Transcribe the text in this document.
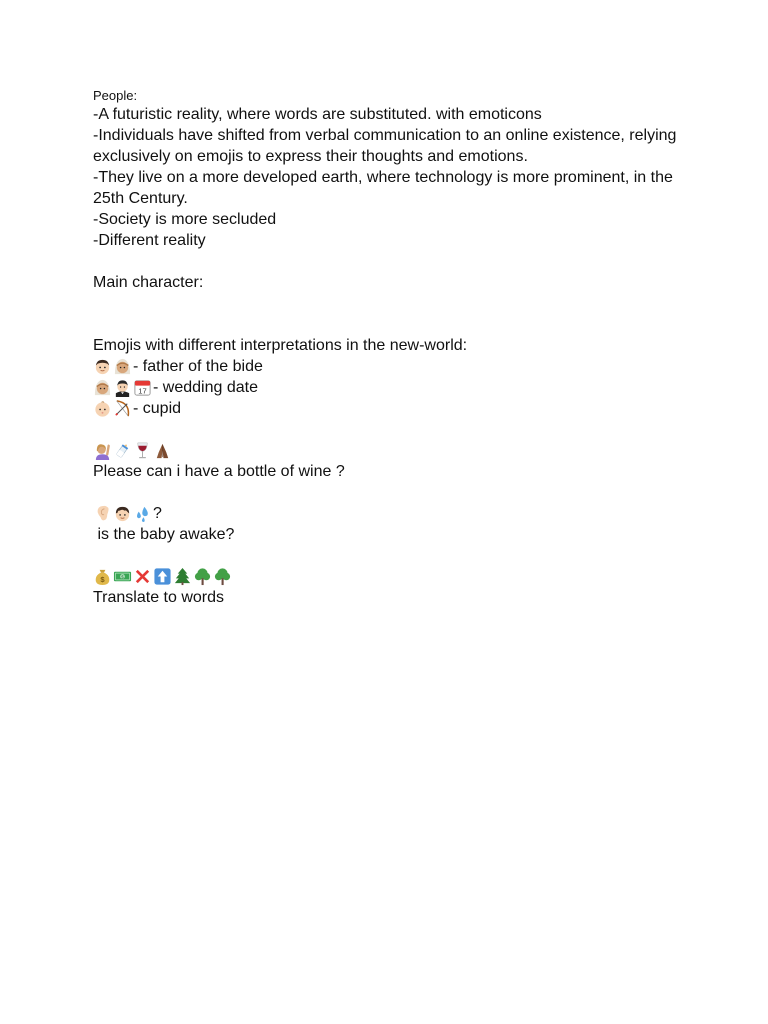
People:
-A futuristic reality, where words are substituted. with emoticons
-Individuals have shifted from verbal communication to an online existence, relying exclusively on emojis to express their thoughts and emotions.
-They live on a more developed earth, where technology is more prominent, in the 25th Century.
-Society is more secluded
-Different reality
Main character:
Emojis with different interpretations in the new-world:
- father of the bide
17 - wedding date
- cupid
Please can i have a bottle of wine ?
?
is the baby awake?
$	$
Translate to words
